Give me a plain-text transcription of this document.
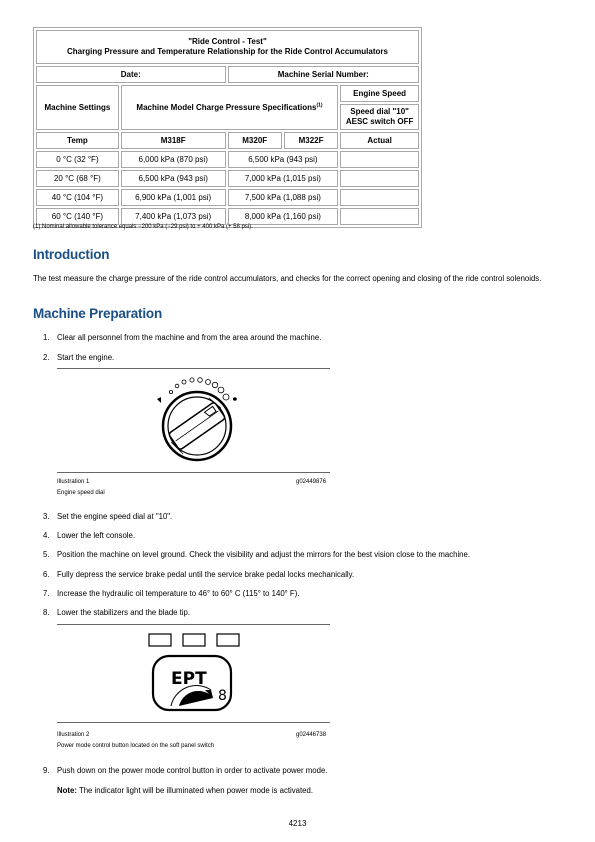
"Ride Control - Test"
Charging Pressure and Temperature Relationship for the Ride Control Accumulators				
Date:		Machine Serial Number:		
Machine Settings	Machine Model Charge Pressure Specifications$^{(1)}$			Engine Speed
				Speed dial "10"
AESC switch OFF
Temp	M318F	M320F	M322F	Actual
0 °C (32 °F)	6,000 kPa (870 psi)	6,500 kPa (943 psi)		
20 °C (68 °F)	6,500 kPa (943 psi)	7,000 kPa (1,015 psi)		
40 °C (104 °F)	6,900 kPa (1,001 psi)	7,500 kPa (1,088 psi)		
60 °C (140 °F)	7,400 kPa (1,073 psi)	8,000 kPa (1,160 psi)		
(1) Nominal allowable tolerance equals −200 kPa (−29 psi) to + 400 kPa (+ 58 psi).
Introduction

The test measure the charge pressure of the ride control accumulators, and checks for the correct opening and closing of the ride control solenoids.

Machine Preparation
1. Clear all personnel from the machine and from the area around the machine.
2. Start the engine.
Illustration 1	g02449876
Engine speed dial
3. Set the engine speed dial at "10".
4. Lower the left console.
5. Position the machine on level ground. Check the visibility and adjust the mirrors for the best vision close to the machine.
6. Fully depress the service brake pedal until the service brake pedal locks mechanically.
7. Increase the hydraulic oil temperature to 46° to 60° C (115° to 140° F).
8. Lower the stabilizers and the blade tip.
EPT
8
Illustration 2	g02446738
Power mode control button located on the soft panel switch
9. Push down on the power mode control button in order to activate power mode.
Note: The indicator light will be illuminated when power mode is activated.
4213
